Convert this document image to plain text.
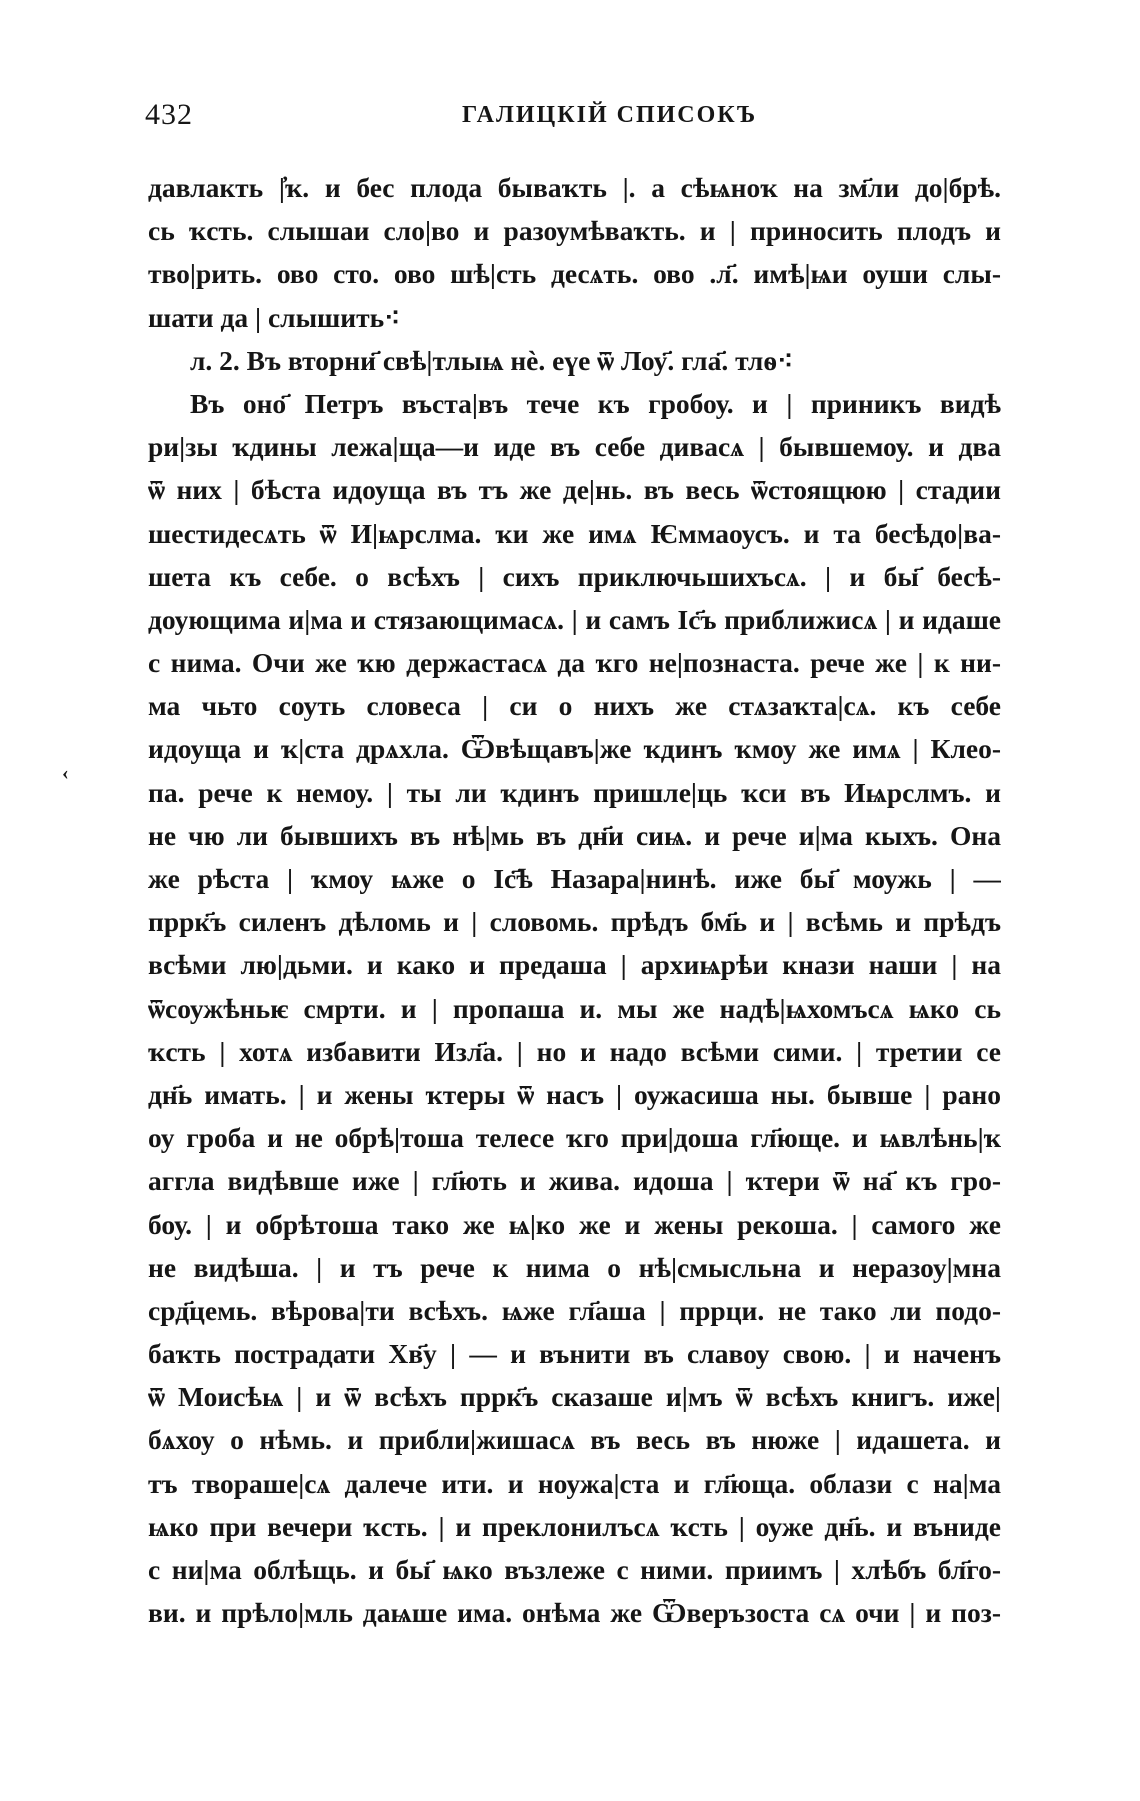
432	ГАЛИЦКІЙ СПИСОКЪ
‹
давлакть |҆ҡ. и бес плода бываҡть |. а сѣѩноҡ на зм҃ли до|брѣ.
сь ҡсть. слышаи сло|во и разоумѣваҡть. и | приносить плодъ и
тво|рить. ово сто. ово шѣ|сть десѧть. ово .л҃. имѣ|ѩи оуши слы-
шати да | слышить⁖
л. 2. Въ вторни҃ свѣ|тлыѩ нѐ. еүе ѿ Лоу҃. гла҃. тлѳ⁖
Въ оно҃ Петръ въста|въ тече къ гробоу. и | приникъ видѣ
ри|зы ҡдины лежа|ща—и иде въ себе дивасѧ | бывшемоу. и два
ѿ них | бѣста идоуща въ тъ же де|нь. въ весь ѿстоящюю | стадии
шестидесѧть ѿ И|ѩрслма. ҡи же имѧ Ѥммаоусъ. и та бесѣдо|ва-
шета къ себе. о всѣхъ | сихъ приключьшихъсѧ. | и бы҃ бесѣ-
доующима и|ма и стязающимасѧ. | и самъ Іс҃ъ приближисѧ | и идаше
с нима. Очи же ҡю держастасѧ да ҡго не|познаста. рече же | к ни-
ма чьто соуть словеса | си о нихъ же стѧзаҡта|сѧ. къ себе
идоуща и ҡ|ста дрѧхла. Ѿвѣщавъ|же ҡдинъ ҡмоу же имѧ | Клео-
па. рече к немоу. | ты ли ҡдинъ пришле|ць ҡси въ Иѩрслмъ. и
не чю ли бывшихъ въ нѣ|мь въ дн҃и сиѩ. и рече и|ма кыхъ. Она
же рѣста | ҡмоу ѩже о Іс҃ѣ Назара|нинѣ. иже бы҃ моужь | —
пррк҃ъ силенъ дѣломь и | словомь. прѣдъ бм҃ь и | всѣмь и прѣдъ
всѣми лю|дьми. и како и предаша | архиѩрѣи кнази наши | на
ѿсоужѣньѥ смрти. и | пропаша и. мы же надѣ|ѩхомъсѧ ѩко сь
ҡсть | хотѧ избавити Изл҃а. | но и надо всѣми сими. | третии се
дн҃ь имать. | и жены ҡтеры ѿ насъ | оужасиша ны. бывше | рано
оу гроба и не обрѣ|тоша телесе ҡго при|доша гл҃юще. и ѩвлѣнь|ҡ
аггла видѣвше иже | гл҃ють и жива. идоша | ҡтери ѿ на҃ къ гро-
боу. | и обрѣтоша тако же ѩ|ко же и жены рекоша. | самого же
не видѣша. | и тъ рече к нима о нѣ|смысльна и неразоу|мна
срд҃цемь. вѣрова|ти всѣхъ. ѩже гл҃аша | пррци. не тако ли подо-
баҡть пострадати Хв҃у | — и вънити въ славоу свою. | и наченъ
ѿ Моисѣѩ | и ѿ всѣхъ пррк҃ъ сказаше и|мъ ѿ всѣхъ книгъ. иже|
бѧхоу о нѣмь. и прибли|жишасѧ въ весь въ нюже | идашета. и
тъ твораше|сѧ далече ити. и ноужа|ста и гл҃юща. облази с на|ма
ѩко при вечери ҡсть. | и преклонилъсѧ ҡсть | оуже дн҃ь. и вънидe
с ни|ма облѣщь. и бы҃ ѩко възлеже с ними. приимъ | хлѣбъ бл҃го-
ви. и прѣло|мль даѩше има. онѣма же Ѿверъзоста сѧ очи | и поз-
